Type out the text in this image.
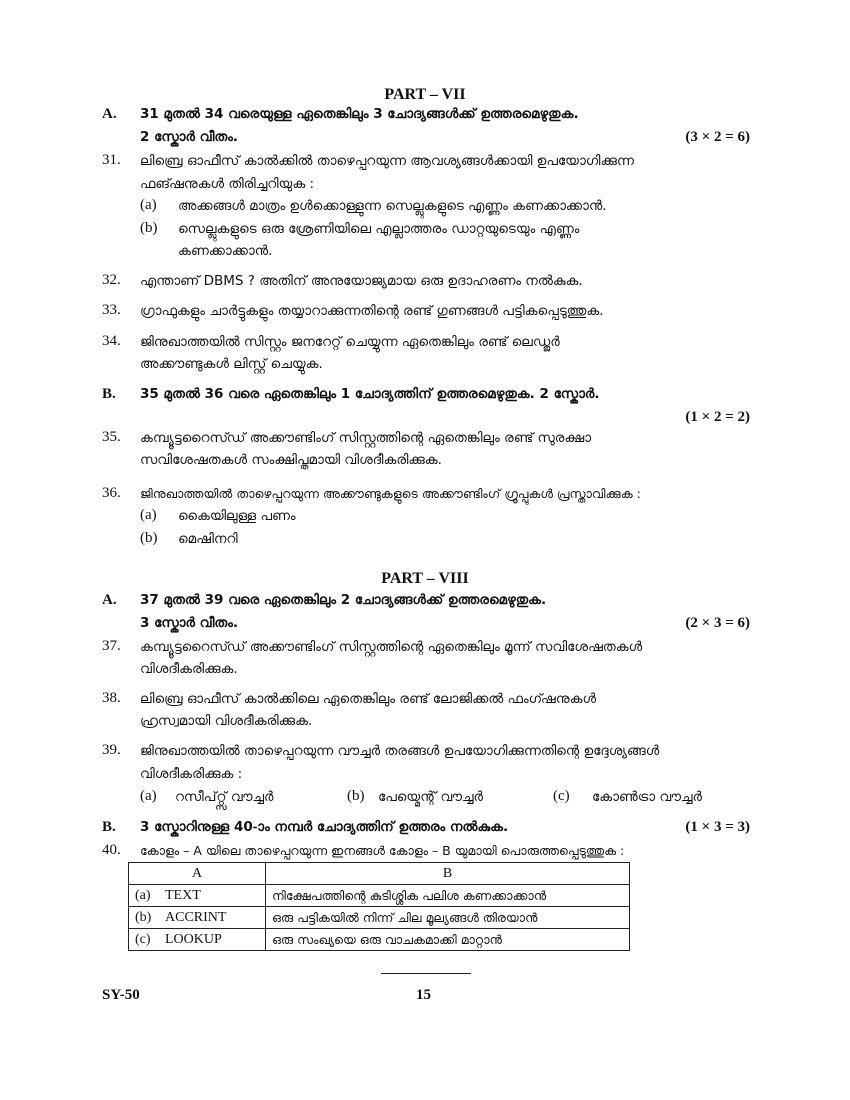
PART – VII
A. 31 മുതൽ 34 വരെയുള്ള ഏതെങ്കിലും 3 ചോദ്യങ്ങൾക്ക് ഉത്തരമെഴുതുക.
2 സ്കോർ വീതം.	(3 × 2 = 6)
31. ലിബ്രെ ഓഫീസ് കാൽക്കിൽ താഴെപ്പറയുന്ന ആവശ്യങ്ങൾക്കായി ഉപയോഗിക്കുന്ന
ഫങ്ഷനുകൾ തിരിച്ചറിയുക :
(a) അക്കങ്ങൾ മാത്രം ഉൾക്കൊള്ളുന്ന സെല്ലുകളുടെ എണ്ണം കണക്കാക്കാൻ.
(b) സെല്ലുകളുടെ ഒരു ശ്രേണിയിലെ എല്ലാത്തരം ഡാറ്റയുടെയും എണ്ണം
കണക്കാക്കാൻ.
32. എന്താണ് DBMS ? അതിന് അനുയോജ്യമായ ഒരു ഉദാഹരണം നൽകുക.
33. ഗ്രാഫുകളും ചാർട്ടുകളും തയ്യാറാക്കുന്നതിന്റെ രണ്ട് ഗുണങ്ങൾ പട്ടികപ്പെടുത്തുക.
34. ജിനുഖാത്തയിൽ സിസ്റ്റം ജനറേറ്റ് ചെയ്യുന്ന ഏതെങ്കിലും രണ്ട് ലെഡ്ജർ
അക്കൗണ്ടുകൾ ലിസ്റ്റ് ചെയ്യുക.
B. 35 മുതൽ 36 വരെ ഏതെങ്കിലും 1 ചോദ്യത്തിന് ഉത്തരമെഴുതുക. 2 സ്കോർ.
(1 × 2 = 2)
35. കമ്പ്യൂട്ടറൈസ്ഡ് അക്കൗണ്ടിംഗ് സിസ്റ്റത്തിന്റെ ഏതെങ്കിലും രണ്ട് സുരക്ഷാ
സവിശേഷതകൾ സംക്ഷിപ്തമായി വിശദീകരിക്കുക.
36. ജിനുഖാത്തയിൽ താഴെപ്പറയുന്ന അക്കൗണ്ടുകളുടെ അക്കൗണ്ടിംഗ് ഗ്രൂപ്പുകൾ പ്രസ്താവിക്കുക :
(a) കൈയിലുള്ള പണം
(b) മെഷിനറി
PART – VIII
A. 37 മുതൽ 39 വരെ ഏതെങ്കിലും 2 ചോദ്യങ്ങൾക്ക് ഉത്തരമെഴുതുക.
3 സ്കോർ വീതം.	(2 × 3 = 6)
37. കമ്പ്യൂട്ടറൈസ്ഡ് അക്കൗണ്ടിംഗ് സിസ്റ്റത്തിന്റെ ഏതെങ്കിലും മൂന്ന് സവിശേഷതകൾ
വിശദീകരിക്കുക.
38. ലിബ്രെ ഓഫീസ് കാൽക്കിലെ ഏതെങ്കിലും രണ്ട് ലോജിക്കൽ ഫംഗ്ഷനുകൾ
ഹ്രസ്വമായി വിശദീകരിക്കുക.
39. ജിനുഖാത്തയിൽ താഴെപ്പറയുന്ന വൗച്ചർ തരങ്ങൾ ഉപയോഗിക്കുന്നതിന്റെ ഉദ്ദേശ്യങ്ങൾ
വിശദീകരിക്കുക :
(a) റസീപ്റ്റ്സ് വൗച്ചർ	(b) പേയ്മെന്റ് വൗച്ചർ	(c) കോൺട്രാ വൗച്ചർ
B. 3 സ്കോറിനുള്ള 40-ാം നമ്പർ ചോദ്യത്തിന് ഉത്തരം നൽകുക.	(1 × 3 = 3)
40. കോളം – A യിലെ താഴെപ്പറയുന്ന ഇനങ്ങൾ കോളം – B യുമായി പൊരുത്തപ്പെടുത്തുക :
A	B
(a) TEXT	നിക്ഷേപത്തിന്റെ കുടിശ്ശിക പലിശ കണക്കാക്കാൻ
(b) ACCRINT	ഒരു പട്ടികയിൽ നിന്ന് ചില മൂല്യങ്ങൾ തിരയാൻ
(c) LOOKUP	ഒരു സംഖ്യയെ ഒരു വാചകമാക്കി മാറ്റാൻ
SY-50	15
